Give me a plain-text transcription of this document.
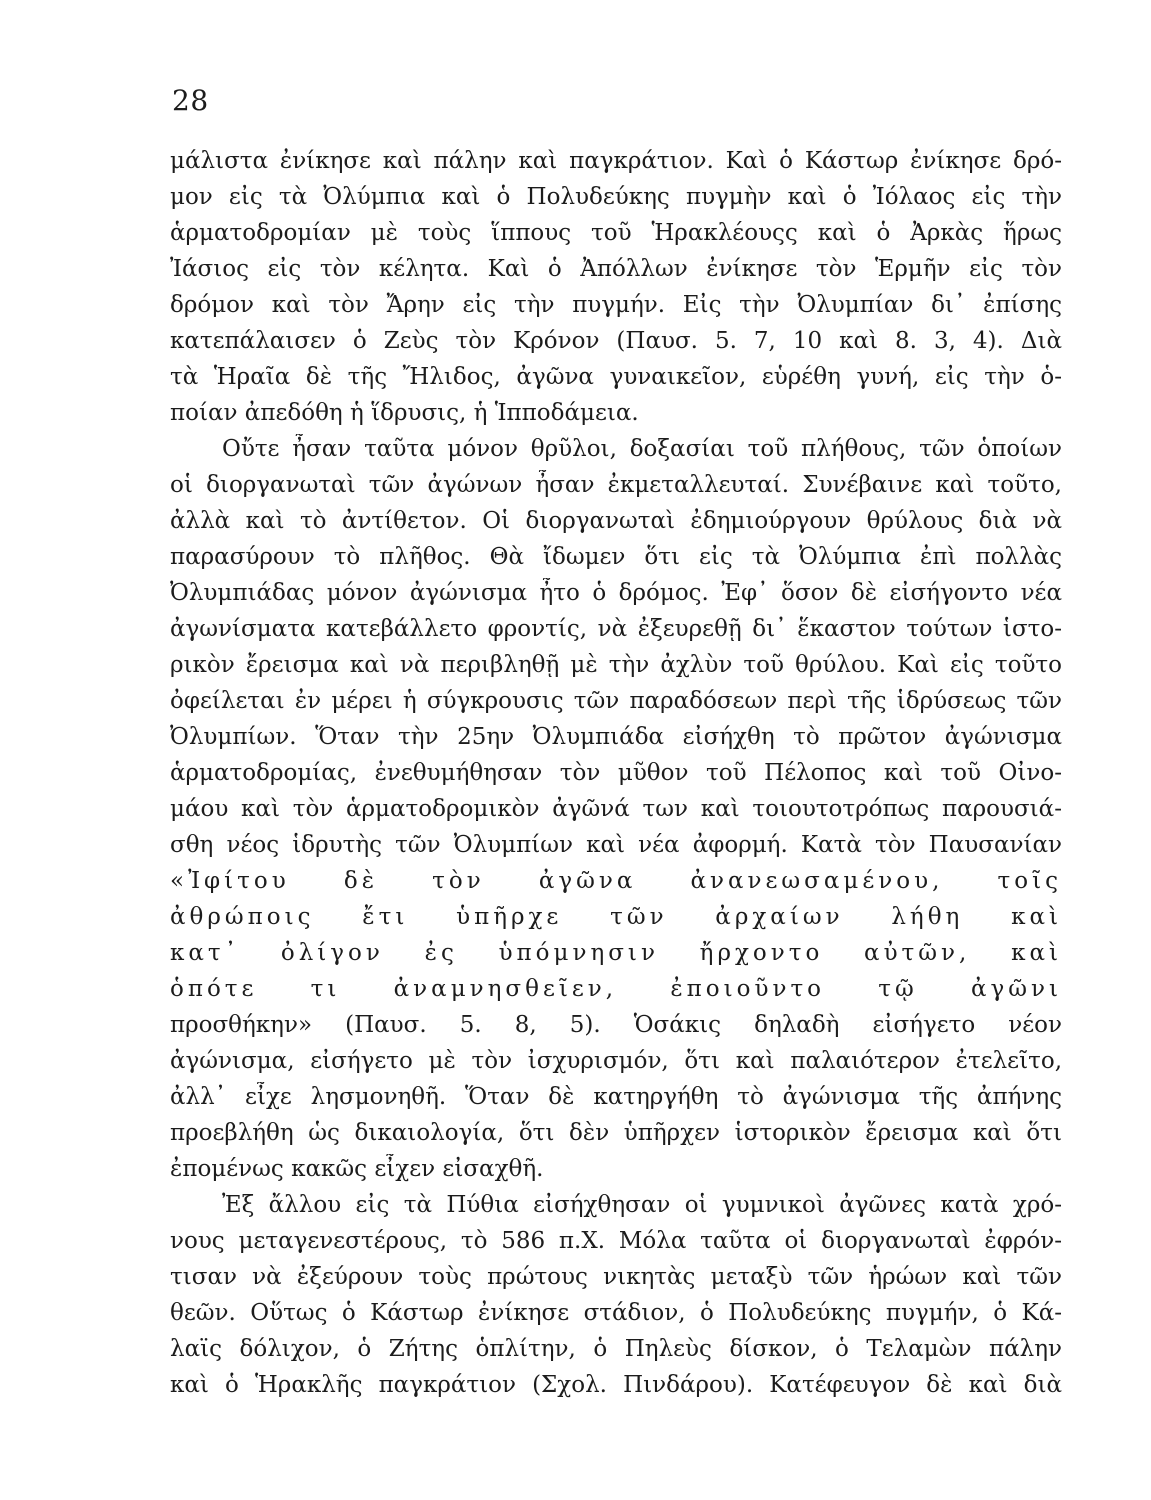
28
μάλιστα ἐνίκησε καὶ πάλην καὶ παγκράτιον. Καὶ ὁ Κάστωρ ἐνίκησε δρό-
μον εἰς τὰ Ὀλύμπια καὶ ὁ Πολυδεύκης πυγμὴν καὶ ὁ Ἰόλαος εἰς τὴν
ἁρματοδρομίαν μὲ τοὺς ἵππους τοῦ Ἡρακλέουςς καὶ ὁ Ἀρκὰς ἥρως
Ἰάσιος εἰς τὸν κέλητα. Καὶ ὁ Ἀπόλλων ἐνίκησε τὸν Ἑρμῆν εἰς τὸν
δρόμον καὶ τὸν Ἄρην εἰς τὴν πυγμήν. Εἰς τὴν Ὀλυμπίαν δι᾽ ἐπίσης
κατεπάλαισεν ὁ Ζεὺς τὸν Κρόνον (Παυσ. 5. 7, 10 καὶ 8. 3, 4). Διὰ
τὰ Ἡραῖα δὲ τῆς Ἤλιδος, ἀγῶνα γυναικεῖον, εὑρέθη γυνή, εἰς τὴν ὁ-
ποίαν ἀπεδόθη ἡ ἵδρυσις, ἡ Ἱπποδάμεια.
Οὔτε ἦσαν ταῦτα μόνον θρῦλοι, δοξασίαι τοῦ πλήθους, τῶν ὁποίων
οἱ διοργανωταὶ τῶν ἀγώνων ἦσαν ἐκμεταλλευταί. Συνέβαινε καὶ τοῦτο,
ἀλλὰ καὶ τὸ ἀντίθετον. Οἱ διοργανωταὶ ἐδημιούργουν θρύλους διὰ νὰ
παρασύρουν τὸ πλῆθος. Θὰ ἴδωμεν ὅτι εἰς τὰ Ὀλύμπια ἐπὶ πολλὰς
Ὀλυμπιάδας μόνον ἀγώνισμα ἦτο ὁ δρόμος. Ἐφ᾽ ὅσον δὲ εἰσήγοντο νέα
ἀγωνίσματα κατεβάλλετο φροντίς, νὰ ἐξευρεθῇ δι᾽ ἕκαστον τούτων ἱστο-
ρικὸν ἔρεισμα καὶ νὰ περιβληθῇ μὲ τὴν ἀχλὺν τοῦ θρύλου. Καὶ εἰς τοῦτο
ὀφείλεται ἐν μέρει ἡ σύγκρουσις τῶν παραδόσεων περὶ τῆς ἱδρύσεως τῶν
Ὀλυμπίων. Ὅταν τὴν 25ην Ὀλυμπιάδα εἰσήχθη τὸ πρῶτον ἀγώνισμα
ἁρματοδρομίας, ἐνεθυμήθησαν τὸν μῦθον τοῦ Πέλοπος καὶ τοῦ Οἰνο-
μάου καὶ τὸν ἁρματοδρομικὸν ἀγῶνά των καὶ τοιουτοτρόπως παρουσιά-
σθη νέος ἱδρυτὴς τῶν Ὀλυμπίων καὶ νέα ἀφορμή. Κατὰ τὸν Παυσανίαν
«Ἰφίτου δὲ τὸν ἀγῶνα ἀνανεωσαμένου, τοῖς
ἀθρώποις ἔτι ὑπῆρχε τῶν ἀρχαίων λήθη καὶ
κατ᾽ ὀλίγον ἐς ὑπόμνησιν ἤρχοντο αὐτῶν, καὶ
ὁπότε τι ἀναμνησθεῖεν, ἐποιοῦντο τῷ ἀγῶνι
προσθήκην» (Παυσ. 5. 8, 5). Ὁσάκις δηλαδὴ εἰσήγετο νέον
ἀγώνισμα, εἰσήγετο μὲ τὸν ἰσχυρισμόν, ὅτι καὶ παλαιότερον ἐτελεῖτο,
ἀλλ᾽ εἶχε λησμονηθῆ. Ὅταν δὲ κατηργήθη τὸ ἀγώνισμα τῆς ἀπήνης
προεβλήθη ὡς δικαιολογία, ὅτι δὲν ὑπῆρχεν ἱστορικὸν ἔρεισμα καὶ ὅτι
ἐπομένως κακῶς εἶχεν εἰσαχθῆ.
Ἐξ ἄλλου εἰς τὰ Πύθια εἰσήχθησαν οἱ γυμνικοὶ ἀγῶνες κατὰ χρό-
νους μεταγενεστέρους, τὸ 586 π.Χ. Μόλα ταῦτα οἱ διοργανωταὶ ἐφρόν-
τισαν νὰ ἐξεύρουν τοὺς πρώτους νικητὰς μεταξὺ τῶν ἡρώων καὶ τῶν
θεῶν. Οὕτως ὁ Κάστωρ ἐνίκησε στάδιον, ὁ Πολυδεύκης πυγμήν, ὁ Κά-
λαϊς δόλιχον, ὁ Ζήτης ὁπλίτην, ὁ Πηλεὺς δίσκον, ὁ Τελαμὼν πάλην
καὶ ὁ Ἡρακλῆς παγκράτιον (Σχολ. Πινδάρου). Κατέφευγον δὲ καὶ διὰ
